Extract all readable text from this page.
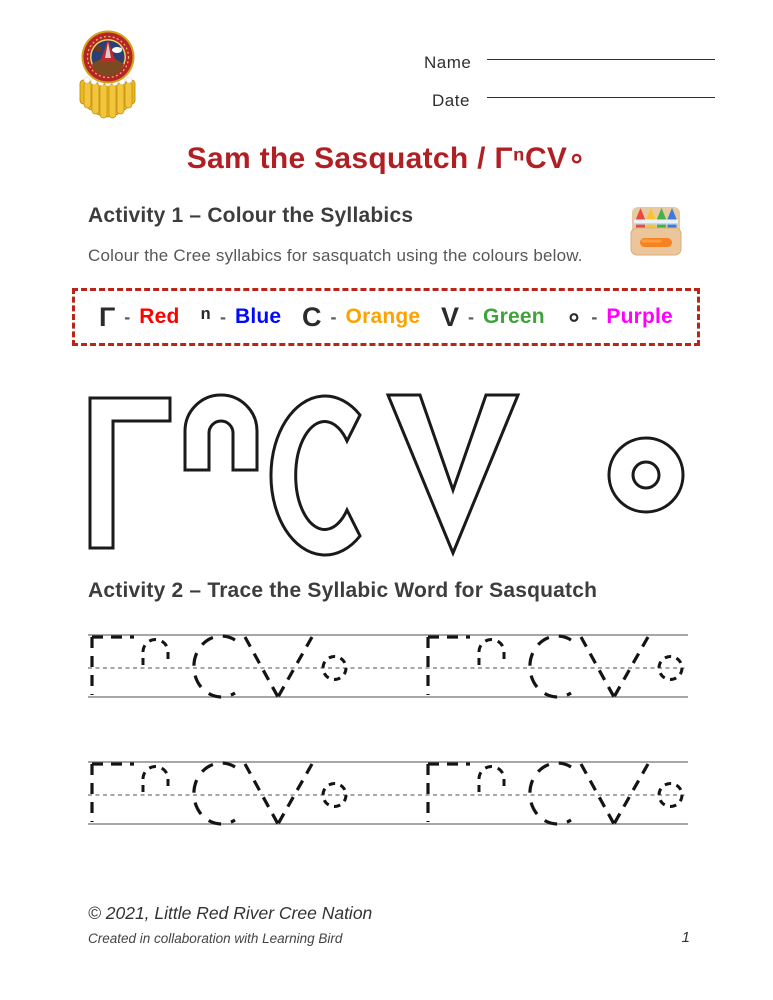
Name
Date
Sam the Sasquatch / ΓⁿCV∘
Activity 1 – Colour the Syllabics
Colour the Cree syllabics for sasquatch using the colours below.
Γ - Red ⁿ - Blue C - Orange V - Green ∘ - Purple
Activity 2 – Trace the Syllabic Word for Sasquatch
© 2021, Little Red River Cree Nation
Created in collaboration with Learning Bird	1
